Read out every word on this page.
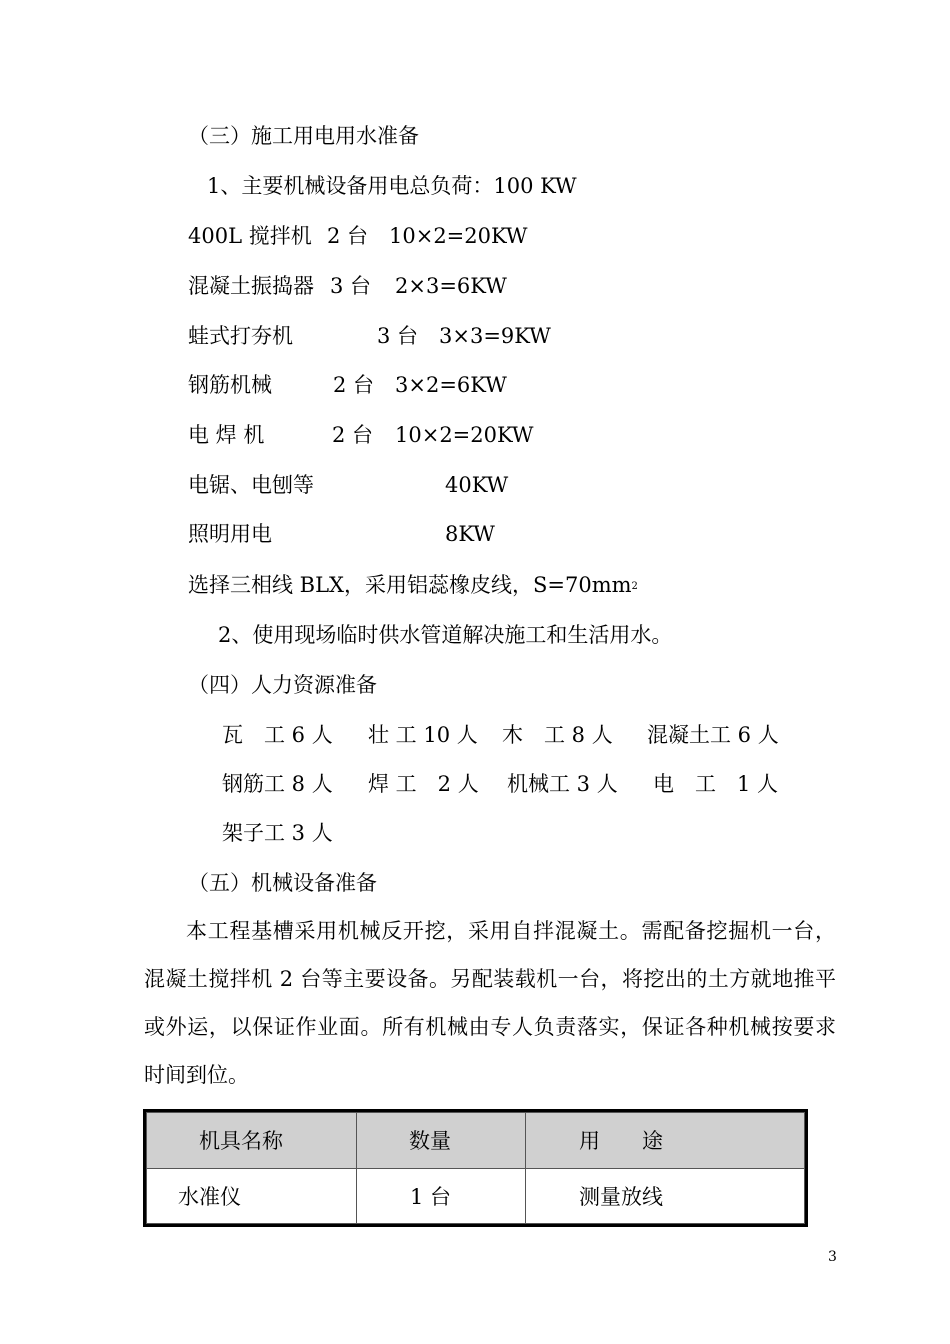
（三）施工用电用水准备
1、主要机械设备用电总负荷：100 KW
400L 搅拌机 2 台 10×2=20KW
混凝土振捣器 3 台 2×3=6KW
蛙式打夯机	3 台 3×3=9KW
钢筋机械	2 台 3×2=6KW
电 焊 机	2 台 10×2=20KW
电锯、电刨等	40KW
照明用电	8KW
选择三相线 BLX，采用铝蕊橡皮线，$S=70mm^2$
2、使用现场临时供水管道解决施工和生活用水。
（四）人力资源准备
瓦　工 6 人 壮 工 10 人 木　工 8 人 混凝土工 6 人
钢筋工 8 人 焊 工　2 人 机械工 3 人 电　工　1 人
架子工 3 人
（五）机械设备准备
本工程基槽采用机械反开挖，采用自拌混凝土。需配备挖掘机一台，混凝土搅拌机 2 台等主要设备。另配装载机一台，将挖出的土方就地推平或外运，以保证作业面。所有机械由专人负责落实，保证各种机械按要求时间到位。
机具名称	数量	用　　途
水准仪	1 台	测量放线
3
